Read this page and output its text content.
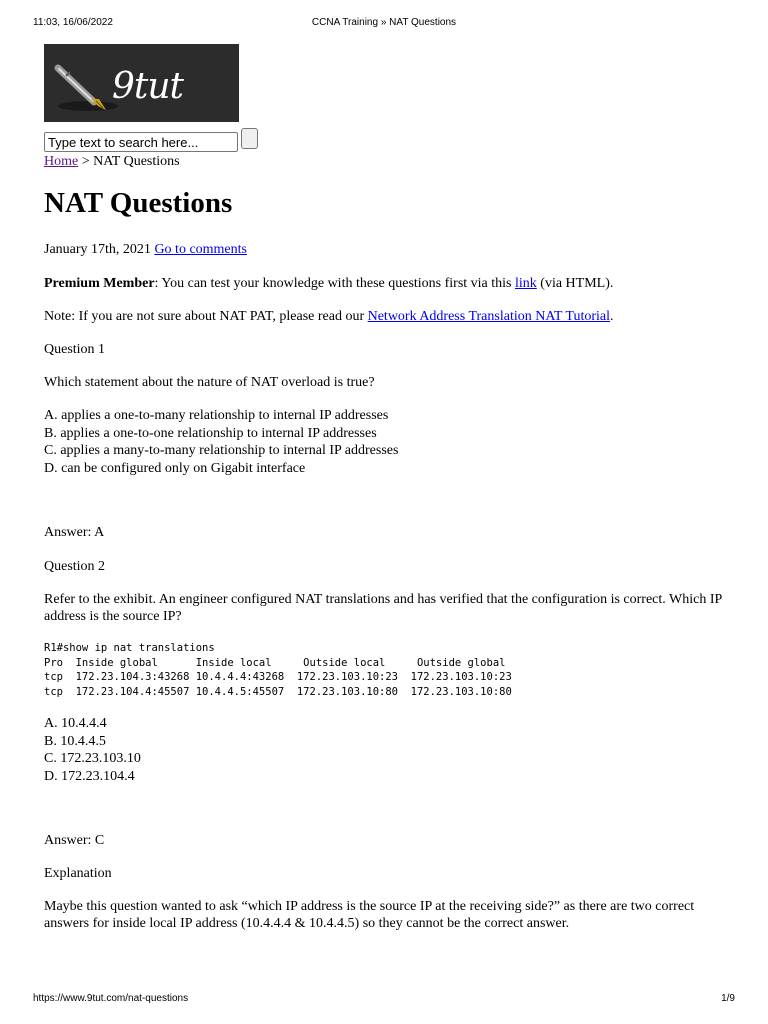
11:03, 16/06/2022	CCNA Training » NAT Questions
9tut
Type text to search here...
Home > NAT Questions
NAT Questions

January 17th, 2021 Go to comments

Premium Member: You can test your knowledge with these questions first via this link (via HTML).

Note: If you are not sure about NAT PAT, please read our Network Address Translation NAT Tutorial.

Question 1

Which statement about the nature of NAT overload is true?

A. applies a one-to-many relationship to internal IP addresses
B. applies a one-to-one relationship to internal IP addresses
C. applies a many-to-many relationship to internal IP addresses
D. can be configured only on Gigabit interface

Answer: A

Question 2

Refer to the exhibit. An engineer configured NAT translations and has verified that the configuration is correct. Which IP address is the source IP?

R1#show ip nat translations
Pro  Inside global      Inside local     Outside local     Outside global
tcp  172.23.104.3:43268 10.4.4.4:43268  172.23.103.10:23  172.23.103.10:23
tcp  172.23.104.4:45507 10.4.4.5:45507  172.23.103.10:80  172.23.103.10:80
A. 10.4.4.4
B. 10.4.4.5
C. 172.23.103.10
D. 172.23.104.4

Answer: C

Explanation

Maybe this question wanted to ask “which IP address is the source IP at the receiving side?” as there are two correct answers for inside local IP address (10.4.4.4 & 10.4.4.5) so they cannot be the correct answer.

https://www.9tut.com/nat-questions	1/9
